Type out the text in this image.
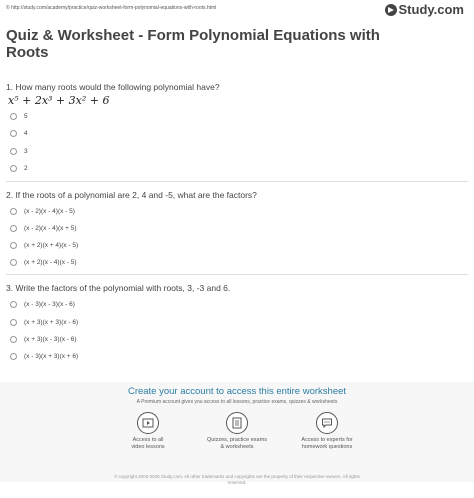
© http://study.com/academy/practice/quiz-worksheet-form-polynomial-equations-with-roots.html	Study.com
Quiz & Worksheet - Form Polynomial Equations with Roots
1. How many roots would the following polynomial have?
x⁵ + 2x³ + 3x² + 6
5
4
3
2
2. If the roots of a polynomial are 2, 4 and -5, what are the factors?
(x - 2)(x - 4)(x - 5)
(x - 2)(x - 4)(x + 5)
(x + 2)(x + 4)(x - 5)
(x + 2)(x - 4)(x - 5)
3. Write the factors of the polynomial with roots, 3, -3 and 6.
(x - 3)(x - 3)(x - 6)
(x + 3)(x + 3)(x - 6)
(x + 3)(x - 3)(x - 6)
(x - 3)(x + 3)(x + 6)
Create your account to access this entire worksheet
A Premium account gives you access to all lessons, practice exams, quizzes & worksheets
Access to all
video lessons
Quizzes, practice exams
& worksheets
Access to experts for
homework questions
© copyright 2003-2020 Study.com. All other trademarks and copyrights are the property of their respective owners. All rights
reserved.
